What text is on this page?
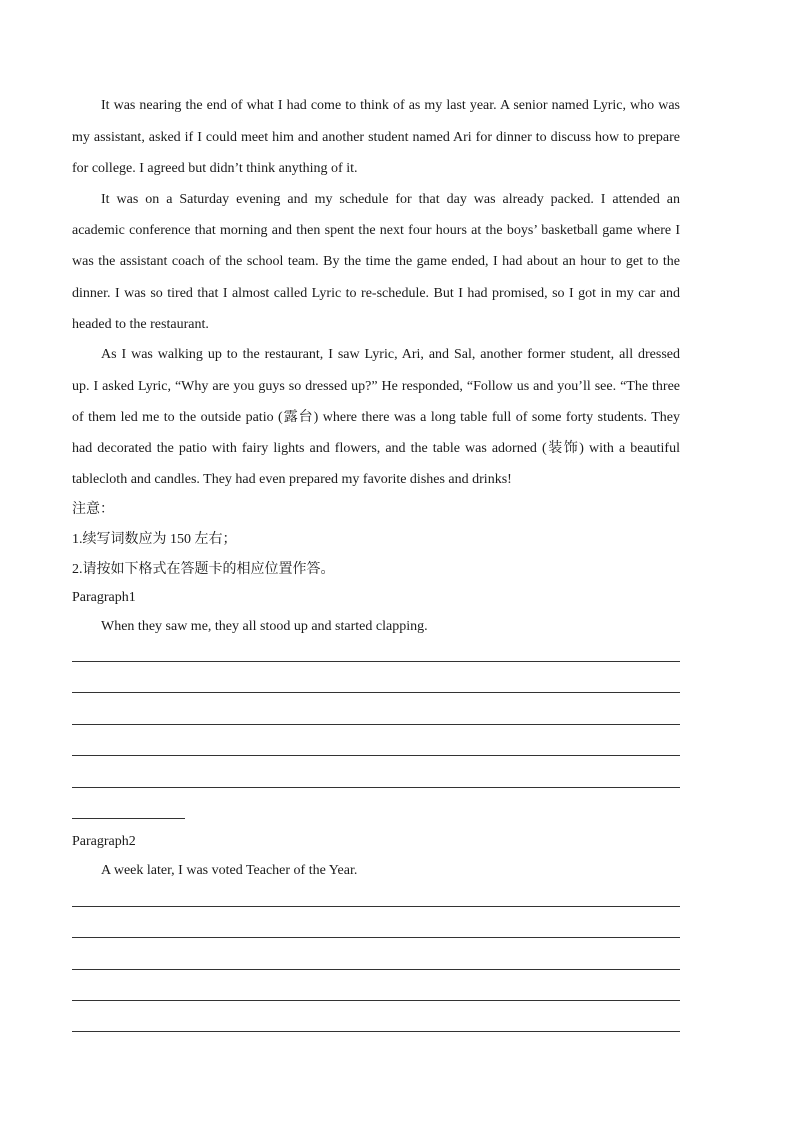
It was nearing the end of what I had come to think of as my last year. A senior named Lyric, who was
my assistant, asked if I could meet him and another student named Ari for dinner to discuss how to prepare
for college. I agreed but didn’t think anything of it.
It was on a Saturday evening and my schedule for that day was already packed. I attended an
academic conference that morning and then spent the next four hours at the boys’ basketball game where I
was the assistant coach of the school team. By the time the game ended, I had about an hour to get to the
dinner. I was so tired that I almost called Lyric to re-schedule. But I had promised, so I got in my car and
headed to the restaurant.
As I was walking up to the restaurant, I saw Lyric, Ari, and Sal, another former student, all dressed
up. I asked Lyric, “Why are you guys so dressed up?” He responded, “Follow us and you’ll see. “The three
of them led me to the outside patio (露台) where there was a long table full of some forty students. They
had decorated the patio with fairy lights and flowers, and the table was adorned (装饰) with a beautiful
tablecloth and candles. They had even prepared my favorite dishes and drinks!
注意：
1.续写词数应为 150 左右；
2.请按如下格式在答题卡的相应位置作答。
Paragraph1
When they saw me, they all stood up and started clapping.
Paragraph2
A week later, I was voted Teacher of the Year.
